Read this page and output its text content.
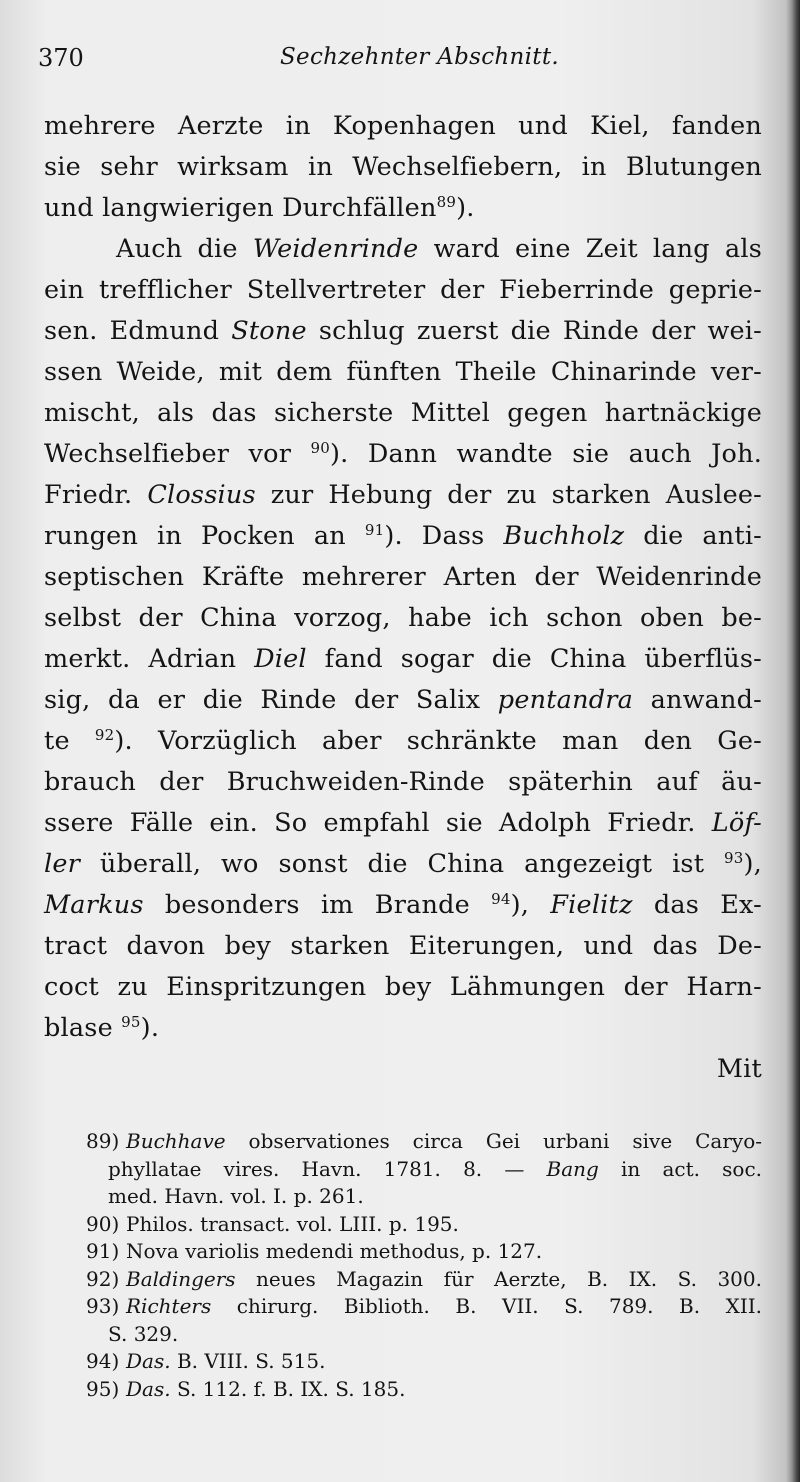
370	Sechzehnter Abschnitt.
mehrere Aerzte in Kopenhagen und Kiel, fanden
sie sehr wirksam in Wechselfiebern, in Blutungen
und langwierigen Durchfällen$^{89}$).
Auch die Weidenrinde ward eine Zeit lang als
ein trefflicher Stellvertreter der Fieberrinde geprie-
sen. Edmund Stone schlug zuerst die Rinde der wei-
ssen Weide, mit dem fünften Theile Chinarinde ver-
mischt, als das sicherste Mittel gegen hartnäckige
Wechselfieber vor $^{90}$). Dann wandte sie auch Joh.
Friedr. Clossius zur Hebung der zu starken Auslee-
rungen in Pocken an $^{91}$). Dass Buchholz die anti-
septischen Kräfte mehrerer Arten der Weidenrinde
selbst der China vorzog, habe ich schon oben be-
merkt. Adrian Diel fand sogar die China überflüs-
sig, da er die Rinde der Salix pentandra anwand-
te $^{92}$). Vorzüglich aber schränkte man den Ge-
brauch der Bruchweiden-Rinde späterhin auf äu-
ssere Fälle ein. So empfahl sie Adolph Friedr. Löf-
ler überall, wo sonst die China angezeigt ist $^{93}$),
Markus besonders im Brande $^{94}$), Fielitz das Ex-
tract davon bey starken Eiterungen, und das De-
coct zu Einspritzungen bey Lähmungen der Harn-
blase $^{95}$).
Mit
89) Buchhave observationes circa Gei urbani sive Caryo-
phyllatae vires. Havn. 1781. 8. — Bang in act. soc.
med. Havn. vol. I. p. 261.
90) Philos. transact. vol. LIII. p. 195.
91) Nova variolis medendi methodus, p. 127.
92) Baldingers neues Magazin für Aerzte, B. IX. S. 300.
93) Richters chirurg. Biblioth. B. VII. S. 789. B. XII.
S. 329.
94) Das. B. VIII. S. 515.
95) Das. S. 112. f. B. IX. S. 185.
